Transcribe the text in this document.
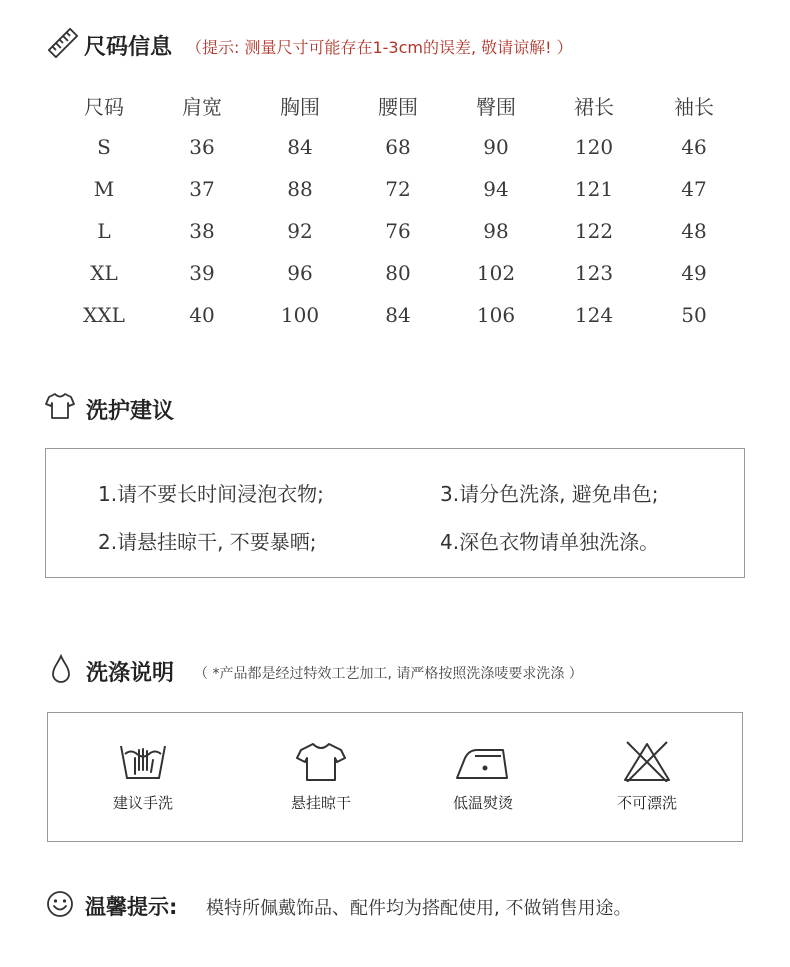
尺码信息 （提示: 测量尺寸可能存在1-3cm的误差, 敬请谅解! ）
尺码	肩宽	胸围	腰围	臀围	裙长	袖长
S	36	84	68	90	120	46
M	37	88	72	94	121	47
L	38	92	76	98	122	48
XL	39	96	80	102	123	49
XXL	40	100	84	106	124	50
洗护建议
1.请不要长时间浸泡衣物;	3.请分色洗涤, 避免串色;
2.请悬挂晾干, 不要暴晒;	4.深色衣物请单独洗涤。
洗涤说明 （ *产品都是经过特效工艺加工, 请严格按照洗涤唛要求洗涤 ）
建议手洗	悬挂晾干	低温熨烫	不可漂洗
温馨提示: 模特所佩戴饰品、配件均为搭配使用, 不做销售用途。
